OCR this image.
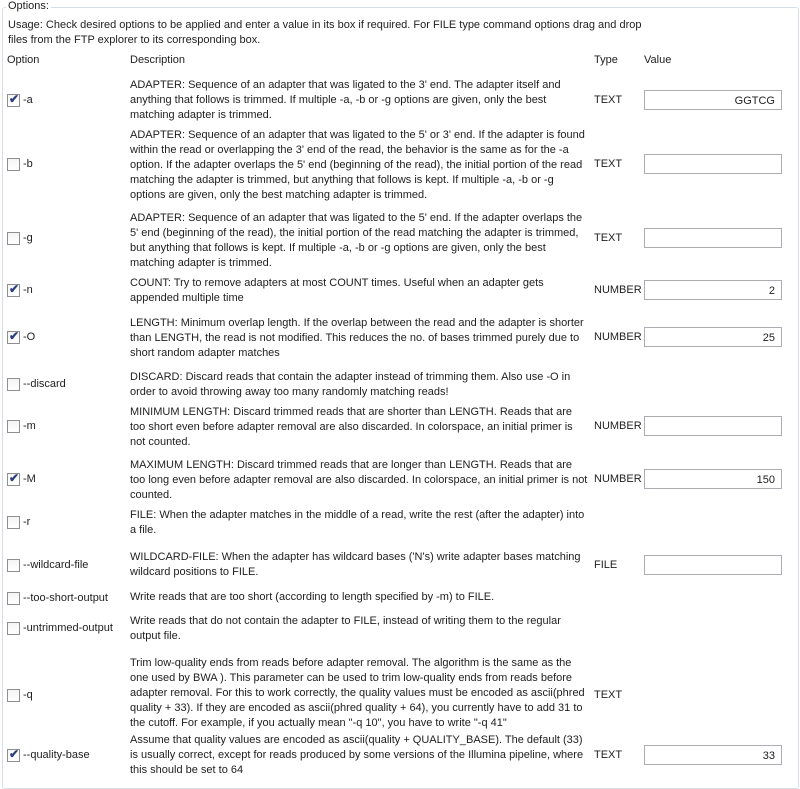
Options:
Usage: Check desired options to be applied and enter a value in its box if required. For FILE type command options drag and drop files from the FTP explorer to its corresponding box.
Option	Description	Type Value
✔ -a
ADAPTER: Sequence of an adapter that was ligated to the 3' end. The adapter itself and anything that follows is trimmed. If multiple -a, -b or -g options are given, only the best matching adapter is trimmed.
TEXT	GGTCG
-b
ADAPTER: Sequence of an adapter that was ligated to the 5' or 3' end. If the adapter is found within the read or overlapping the 3' end of the read, the behavior is the same as for the -a option. If the adapter overlaps the 5' end (beginning of the read), the initial portion of the read matching the adapter is trimmed, but anything that follows is kept. If multiple -a, -b or -g options are given, only the best matching adapter is trimmed.
TEXT
-g
ADAPTER: Sequence of an adapter that was ligated to the 5' end. If the adapter overlaps the 5' end (beginning of the read), the initial portion of the read matching the adapter is trimmed, but anything that follows is kept. If multiple -a, -b or -g options are given, only the best matching adapter is trimmed.
TEXT
✔ -n
COUNT: Try to remove adapters at most COUNT times. Useful when an adapter gets appended multiple time
NUMBER	2
✔ -O
LENGTH: Minimum overlap length. If the overlap between the read and the adapter is shorter than LENGTH, the read is not modified. This reduces the no. of bases trimmed purely due to short random adapter matches
NUMBER	25
--discard
DISCARD: Discard reads that contain the adapter instead of trimming them. Also use -O in order to avoid throwing away too many randomly matching reads!
-m
MINIMUM LENGTH: Discard trimmed reads that are shorter than LENGTH. Reads that are too short even before adapter removal are also discarded. In colorspace, an initial primer is not counted.
NUMBER
✔ -M
MAXIMUM LENGTH: Discard trimmed reads that are longer than LENGTH. Reads that are too long even before adapter removal are also discarded. In colorspace, an initial primer is not counted.
NUMBER	150
-r
FILE: When the adapter matches in the middle of a read, write the rest (after the adapter) into a file.
--wildcard-file
WILDCARD-FILE: When the adapter has wildcard bases ('N's) write adapter bases matching wildcard positions to FILE.
FILE
--too-short-output Write reads that are too short (according to length specified by -m) to FILE.
-untrimmed-output
Write reads that do not contain the adapter to FILE, instead of writing them to the regular output file.
-q
Trim low-quality ends from reads before adapter removal. The algorithm is the same as the one used by BWA ). This parameter can be used to trim low-quality ends from reads before adapter removal. For this to work correctly, the quality values must be encoded as ascii(phred quality + 33). If they are encoded as ascii(phred quality + 64), you currently have to add 31 to the cutoff. For example, if you actually mean "-q 10", you have to write "-q 41"
TEXT
✔ --quality-base
Assume that quality values are encoded as ascii(quality + QUALITY_BASE). The default (33) is usually correct, except for reads produced by some versions of the Illumina pipeline, where this should be set to 64
TEXT	33
